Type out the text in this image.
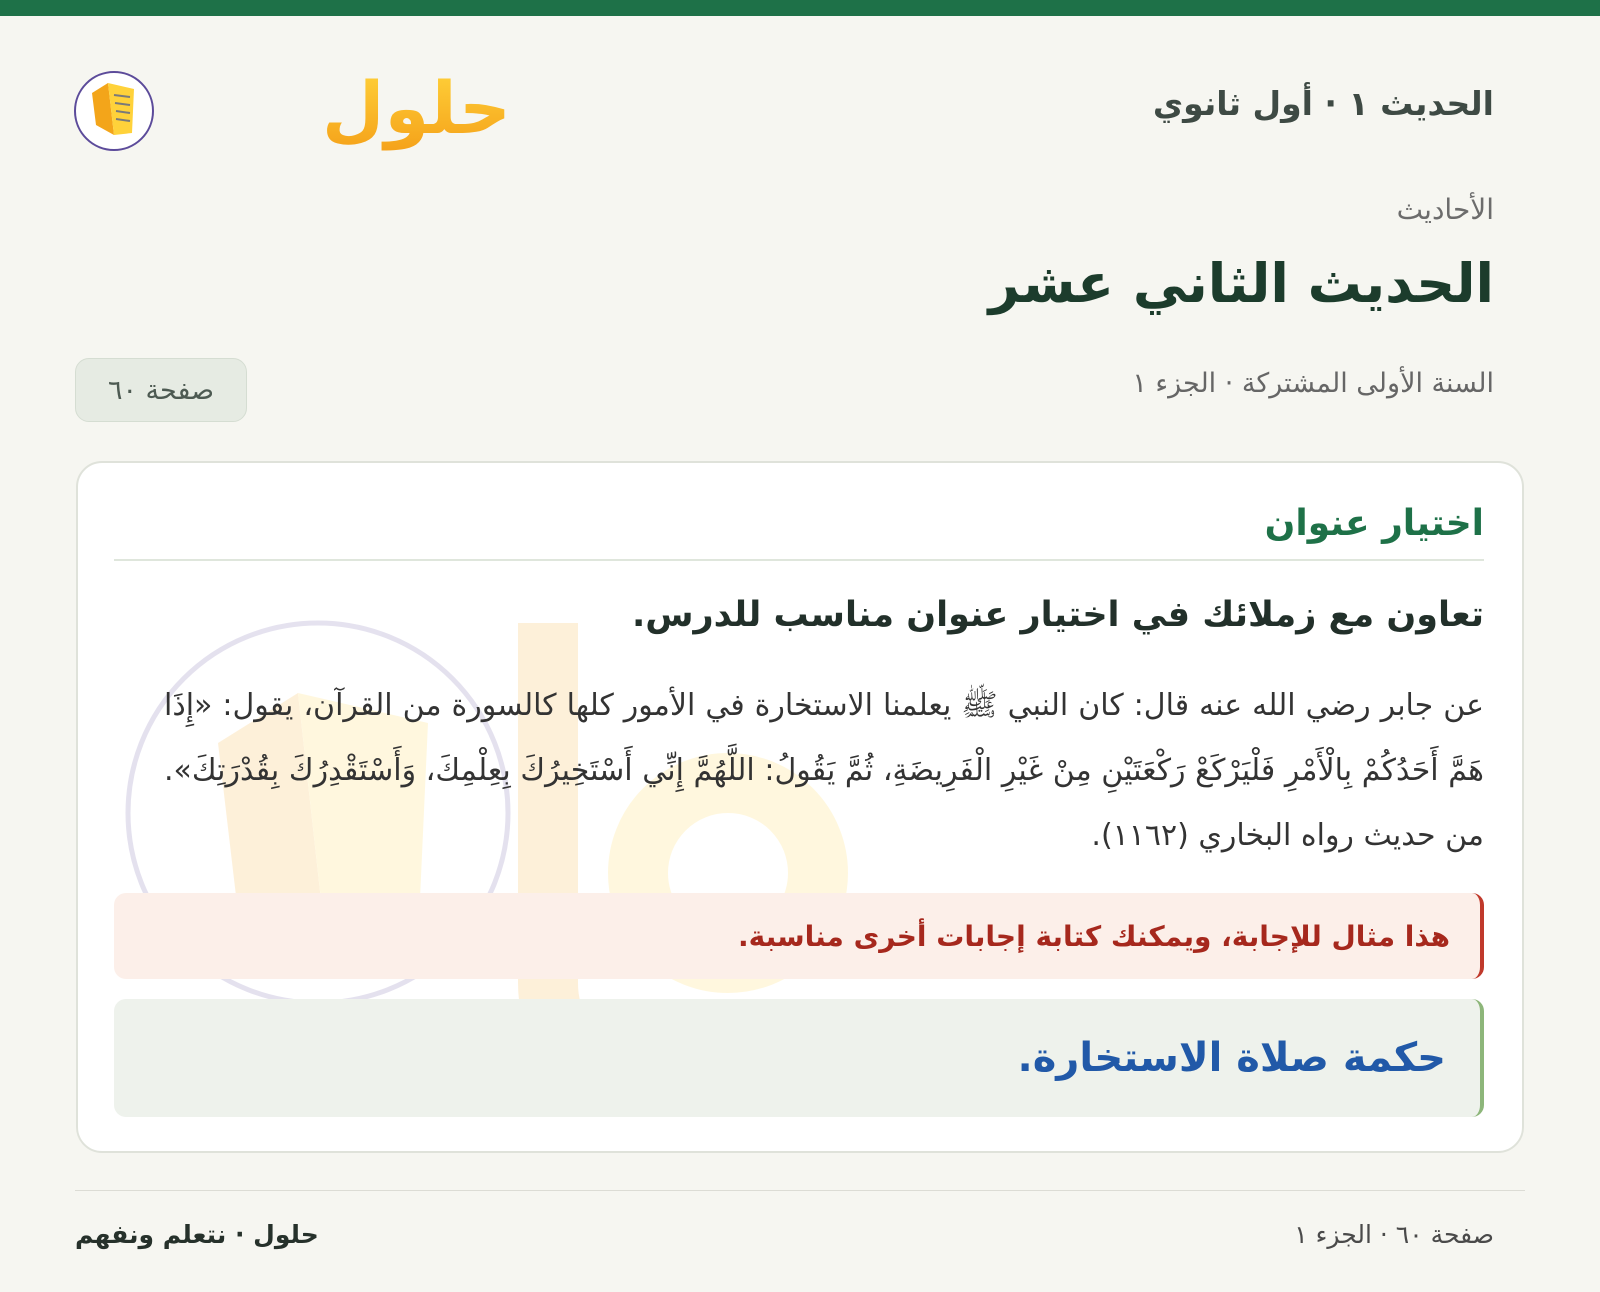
حلول	الحديث ١ · أول ثانوي
الأحاديث
الحديث الثاني عشر
السنة الأولى المشتركة · الجزء ١
صفحة ٦٠
اختيار عنوان
تعاون مع زملائك في اختيار عنوان مناسب للدرس.
عن جابر رضي الله عنه قال: كان النبي ﷺ يعلمنا الاستخارة في الأمور كلها كالسورة من القرآن، يقول: «إِذَا هَمَّ أَحَدُكُمْ بِالْأَمْرِ فَلْيَرْكَعْ رَكْعَتَيْنِ مِنْ غَيْرِ الْفَرِيضَةِ، ثُمَّ يَقُولُ: اللَّهُمَّ إِنِّي أَسْتَخِيرُكَ بِعِلْمِكَ، وَأَسْتَقْدِرُكَ بِقُدْرَتِكَ». من حديث رواه البخاري (١١٦٢).
هذا مثال للإجابة، ويمكنك كتابة إجابات أخرى مناسبة.
حكمة صلاة الاستخارة.
صفحة ٦٠ · الجزء ١
حلول · نتعلم ونفهم
